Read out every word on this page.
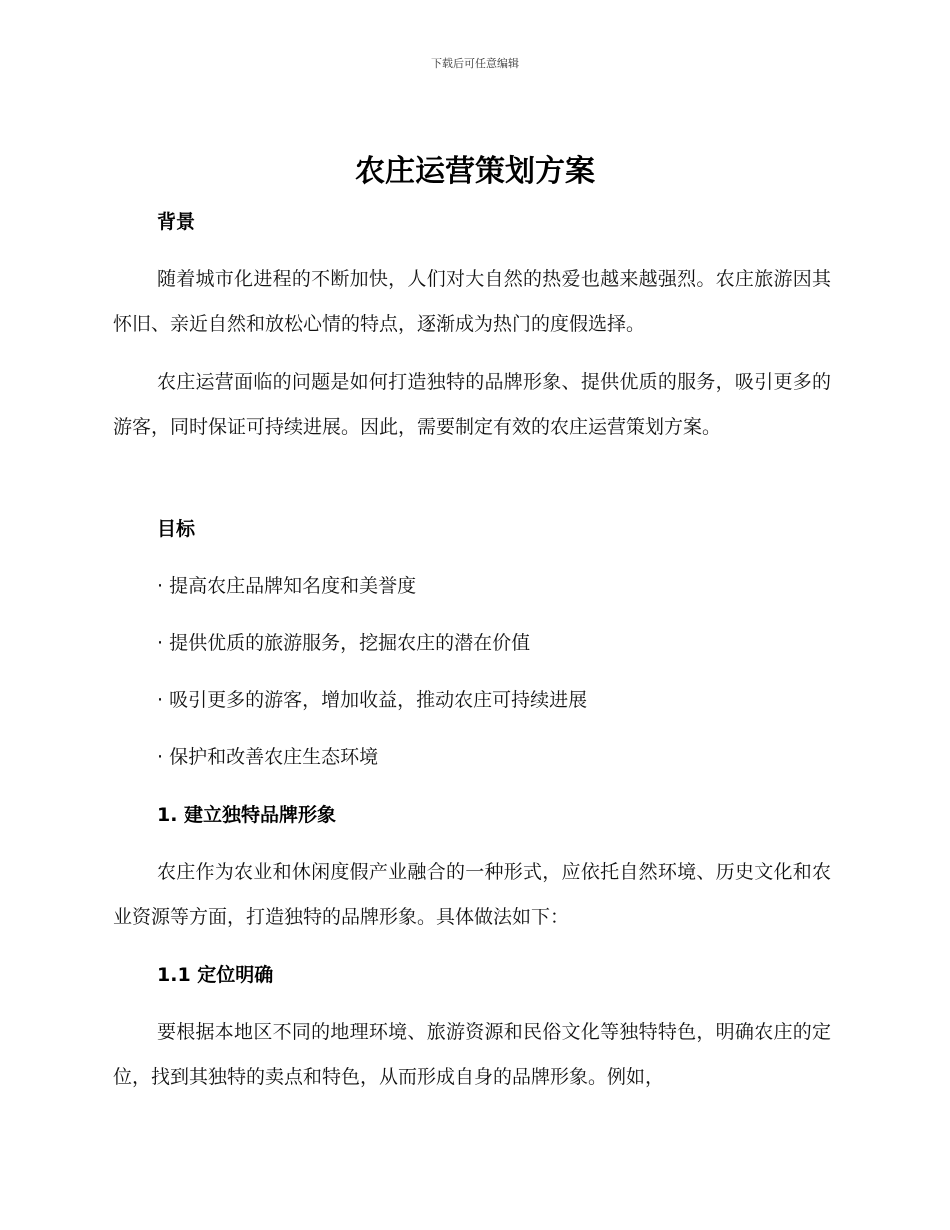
下载后可任意编辑
农庄运营策划方案
背景
随着城市化进程的不断加快，人们对大自然的热爱也越来越强烈。农庄旅游因其怀旧、亲近自然和放松心情的特点，逐渐成为热门的度假选择。
农庄运营面临的问题是如何打造独特的品牌形象、提供优质的服务，吸引更多的游客，同时保证可持续进展。因此，需要制定有效的农庄运营策划方案。
目标
· 提高农庄品牌知名度和美誉度
· 提供优质的旅游服务，挖掘农庄的潜在价值
· 吸引更多的游客，增加收益，推动农庄可持续进展
· 保护和改善农庄生态环境
1. 建立独特品牌形象
农庄作为农业和休闲度假产业融合的一种形式，应依托自然环境、历史文化和农业资源等方面，打造独特的品牌形象。具体做法如下：
1.1 定位明确
要根据本地区不同的地理环境、旅游资源和民俗文化等独特特色，明确农庄的定位，找到其独特的卖点和特色，从而形成自身的品牌形象。例如，
